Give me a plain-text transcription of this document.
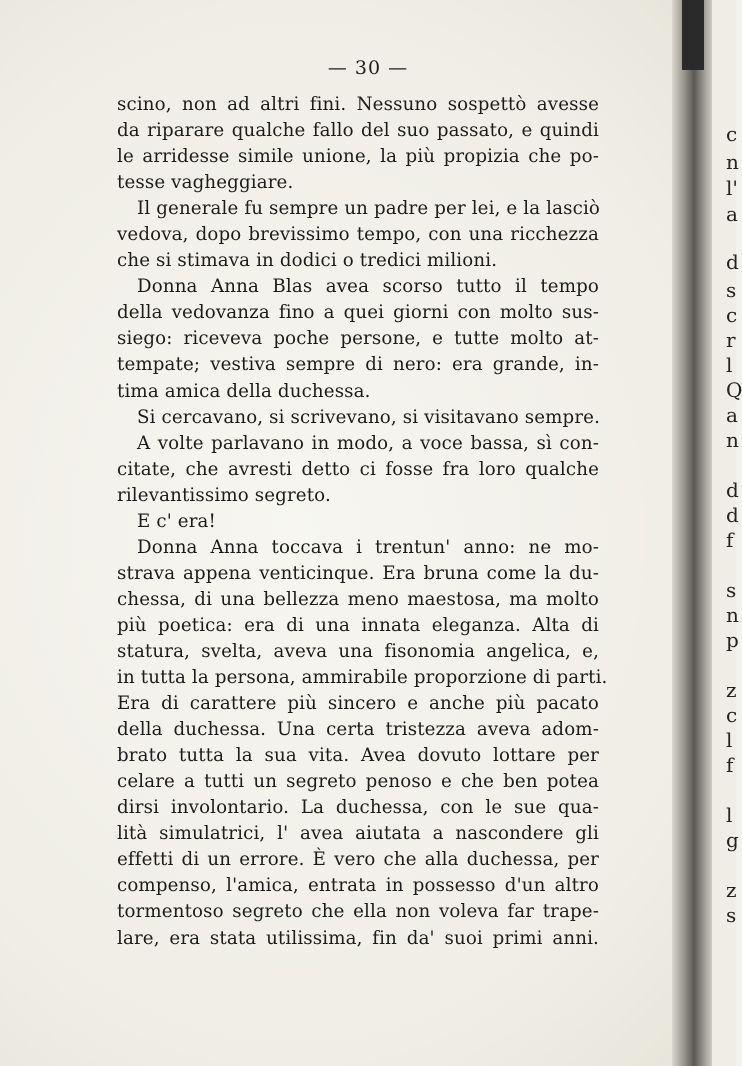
c
n
l'
a
d
s
c
r
l
Q
a
n
d
d
f
s
n
p
z
c
l
f
l
g
z
s
— 30 —
scino, non ad altri fini. Nessuno sospettò avesse
da riparare qualche fallo del suo passato, e quindi
le arridesse simile unione, la più propizia che po-
tesse vagheggiare.
Il generale fu sempre un padre per lei, e la lasciò
vedova, dopo brevissimo tempo, con una ricchezza
che si stimava in dodici o tredici milioni.
Donna Anna Blas avea scorso tutto il tempo
della vedovanza fino a quei giorni con molto sus-
siego: riceveva poche persone, e tutte molto at-
tempate; vestiva sempre di nero: era grande, in-
tima amica della duchessa.
Si cercavano, si scrivevano, si visitavano sempre.
A volte parlavano in modo, a voce bassa, sì con-
citate, che avresti detto ci fosse fra loro qualche
rilevantissimo segreto.
E c' era!
Donna Anna toccava i trentun' anno: ne mo-
strava appena venticinque. Era bruna come la du-
chessa, di una bellezza meno maestosa, ma molto
più poetica: era di una innata eleganza. Alta di
statura, svelta, aveva una fisonomia angelica, e,
in tutta la persona, ammirabile proporzione di parti.
Era di carattere più sincero e anche più pacato
della duchessa. Una certa tristezza aveva adom-
brato tutta la sua vita. Avea dovuto lottare per
celare a tutti un segreto penoso e che ben potea
dirsi involontario. La duchessa, con le sue qua-
lità simulatrici, l' avea aiutata a nascondere gli
effetti di un errore. È vero che alla duchessa, per
compenso, l'amica, entrata in possesso d'un altro
tormentoso segreto che ella non voleva far trape-
lare, era stata utilissima, fin da' suoi primi anni.
